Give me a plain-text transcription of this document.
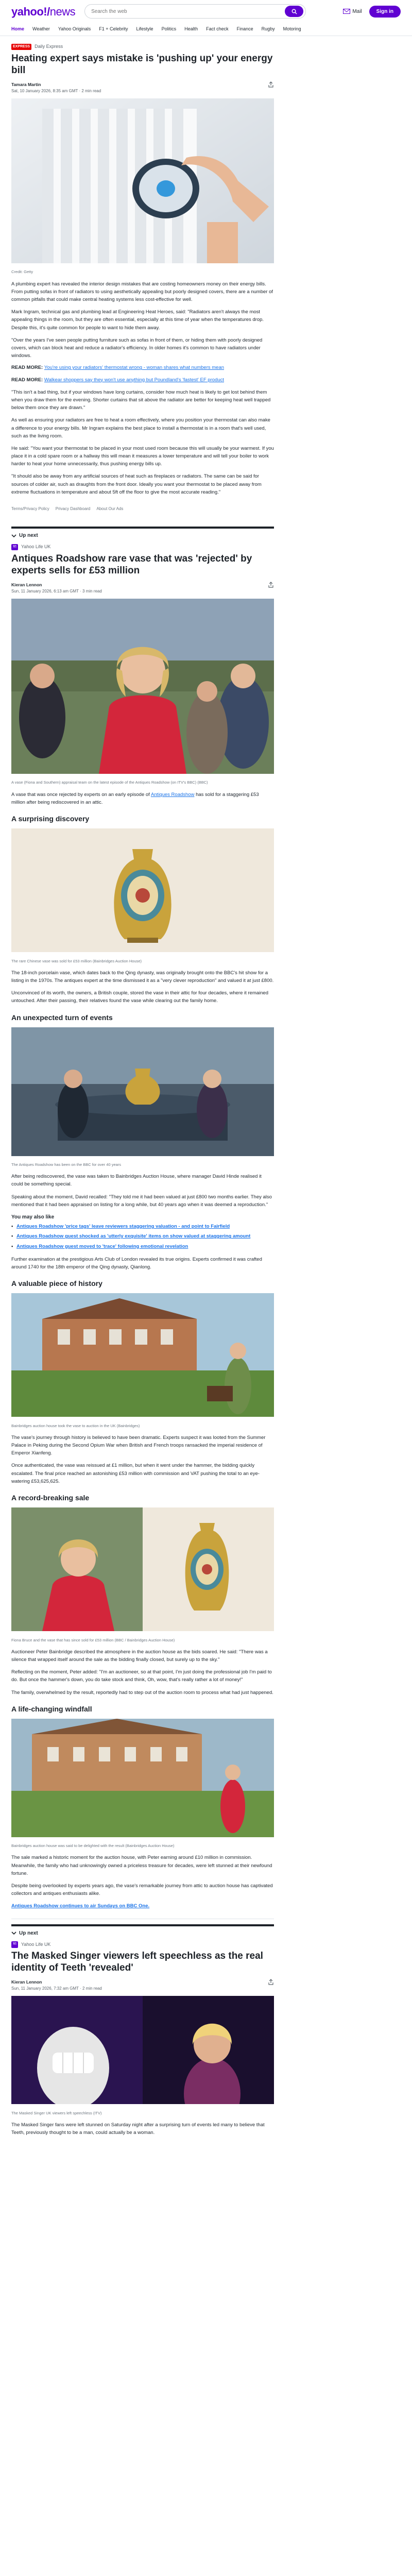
yahoo!/news
Search the web	Mail	Sign in
Home Weather Yahoo Originals F1 + Celebrity Lifestyle Politics Health Fact check Finance Rugby Motoring
EXPRESS	Daily Express
Heating expert says mistake is 'pushing up' your energy bill
Tamara Martin
Sat, 10 January 2026, 8:35 am GMT · 2 min read
Credit: Getty

A plumbing expert has revealed the interior design mistakes that are costing homeowners money on their energy bills. From putting sofas in front of radiators to using aesthetically appealing but poorly designed covers, there are a number of common pitfalls that could make central heating systems less cost-effective for well.

Mark Ingram, technical gas and plumbing lead at Engineering Heat Heroes, said: "Radiators aren't always the most appealing things in the room, but they are often essential, especially at this time of year when the temperatures drop. Despite this, it's quite common for people to want to hide them away.

"Over the years I've seen people putting furniture such as sofas in front of them, or hiding them with poorly designed covers, which can block heat and reduce a radiator's efficiency. In older homes it's common to have radiators under windows.

READ MORE: You're using your radiators' thermostat wrong - woman shares what numbers mean
READ MORE: Walkear shoppers say they won't use anything but Poundland's 'fastest' EF product

"This isn't a bad thing, but if your windows have long curtains, consider how much heat is likely to get lost behind them when you draw them for the evening. Shorter curtains that sit above the radiator are better for keeping heat well trapped below them once they are drawn."

As well as ensuring your radiators are free to heat a room effectively, where you position your thermostat can also make a difference to your energy bills. Mr Ingram explains the best place to install a thermostat is in a room that's well used, such as the living room.

He said: "You want your thermostat to be placed in your most used room because this will usually be your warmest. If you place it in a cold spare room or a hallway this will mean it measures a lower temperature and will tell your boiler to work harder to heat your home unnecessarily, thus pushing energy bills up.

"It should also be away from any artificial sources of heat such as fireplaces or radiators. The same can be said for sources of colder air, such as draughts from the front door. Ideally you want your thermostat to be placed away from extreme fluctuations in temperature and about 5ft off the floor to give the most accurate reading."

Terms/Privacy Policy Privacy Dashboard About Our Ads
Up next
Y!	Yahoo Life UK
Antiques Roadshow rare vase that was 'rejected' by experts sells for £53 million
Kieran Lennon
Sun, 11 January 2026, 6:13 am GMT · 3 min read
A vase (Fiona and Southern) appraisal team on the latest episode of the Antiques Roadshow (on ITV's BBC) (BBC)

A vase that was once rejected by experts on an early episode of Antiques Roadshow has sold for a staggering £53 million after being rediscovered in an attic.

A surprising discovery
The rare Chinese vase was sold for £53 million (Bainbridges Auction House)

The 18-inch porcelain vase, which dates back to the Qing dynasty, was originally brought onto the BBC's hit show for a listing in the 1970s. The antiques expert at the time dismissed it as a "very clever reproduction" and valued it at just £800.

Unconvinced of its worth, the owners, a British couple, stored the vase in their attic for four decades, where it remained untouched. After their passing, their relatives found the vase while clearing out the family home.

An unexpected turn of events
The Antiques Roadshow has been on the BBC for over 40 years

After being rediscovered, the vase was taken to Bainbridges Auction House, where manager David Hinde realised it could be something special.

Speaking about the moment, David recalled: "They told me it had been valued at just £800 two months earlier. They also mentioned that it had been appraised on listing for a long while, but 40 years ago when it was deemed a reproduction."

You may also like
• Antiques Roadshow 'price tags' leave reviewers staggering valuation - and point to Fairfield
• Antiques Roadshow guest shocked as 'utterly exquisite' items on show valued at staggering amount
• Antiques Roadshow guest moved to 'trace' following emotional revelation

Further examination at the prestigious Arts Club of London revealed its true origins. Experts confirmed it was crafted around 1740 for the 18th emperor of the Qing dynasty, Qianlong.

A valuable piece of history
Bainbridges auction house took the vase to auction in the UK (Bainbridges)

The vase's journey through history is believed to have been dramatic. Experts suspect it was looted from the Summer Palace in Peking during the Second Opium War when British and French troops ransacked the imperial residence of Emperor Xianfeng.

Once authenticated, the vase was reissued at £1 million, but when it went under the hammer, the bidding quickly escalated. The final price reached an astonishing £53 million with commission and VAT pushing the total to an eye-watering £53,625,625.

A record-breaking sale
Fiona Bruce and the vase that has since sold for £53 million (BBC / Bainbridges Auction House)

Auctioneer Peter Bainbridge described the atmosphere in the auction house as the bids soared. He said: "There was a silence that wrapped itself around the sale as the bidding finally closed, but surely up to the sky."

Reflecting on the moment, Peter added: "I'm an auctioneer, so at that point, I'm just doing the professional job I'm paid to do. But once the hammer's down, you do take stock and think, Oh, wow, that's really rather a lot of money!"

The family, overwhelmed by the result, reportedly had to step out of the auction room to process what had just happened.

A life-changing windfall
Bainbridges auction house was said to be delighted with the result (Bainbridges Auction House)

The sale marked a historic moment for the auction house, with Peter earning around £10 million in commission. Meanwhile, the family who had unknowingly owned a priceless treasure for decades, were left stunned at their newfound fortune.

Despite being overlooked by experts years ago, the vase's remarkable journey from attic to auction house has captivated collectors and antiques enthusiasts alike.

Antiques Roadshow continues to air Sundays on BBC One.

Up next
Y!	Yahoo Life UK
The Masked Singer viewers left speechless as the real identity of Teeth 'revealed'
Kieran Lennon
Sun, 11 January 2026, 7:32 am GMT · 2 min read
The Masked Singer UK viewers left speechless (ITV)

The Masked Singer fans were left stunned on Saturday night after a surprising turn of events led many to believe that Teeth, previously thought to be a man, could actually be a woman.
